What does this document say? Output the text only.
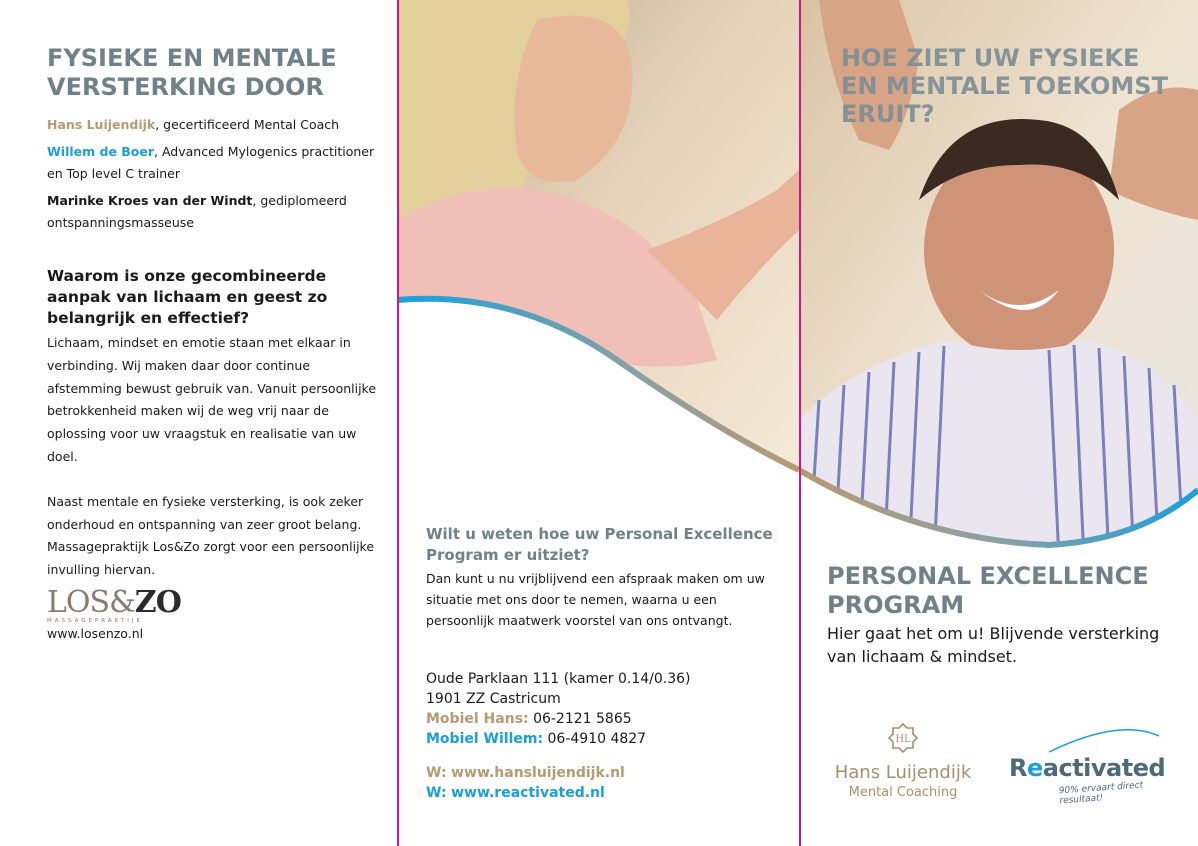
FYSIEKE EN MENTALE
VERSTERKING DOOR

Hans Luijendijk, gecertificeerd Mental Coach

Willem de Boer, Advanced Mylogenics practitioner en Top level C trainer

Marinke Kroes van der Windt, gediplomeerd ontspanningsmasseuse

Waarom is onze gecombineerde aanpak van lichaam en geest zo belangrijk en effectief?

Lichaam, mindset en emotie staan met elkaar in verbinding. Wij maken daar door continue afstemming bewust gebruik van. Vanuit persoonlijke betrokkenheid maken wij de weg vrij naar de oplossing voor uw vraagstuk en realisatie van uw doel.

Naast mentale en fysieke versterking, is ook zeker onderhoud en ontspanning van zeer groot belang. Massagepraktijk Los&Zo zorgt voor een persoonlijke invulling hiervan.

LOS&ZO
MASSAGEPRAKTIJK
www.losenzo.nl
Wilt u weten hoe uw Personal Excellence Program er uitziet?
Dan kunt u nu vrijblijvend een afspraak maken om uw situatie met ons door te nemen, waarna u een persoonlijk maatwerk voorstel van ons ontvangt.
Oude Parklaan 111 (kamer 0.14/0.36)
1901 ZZ Castricum
Mobiel Hans: 06-2121 5865
Mobiel Willem: 06-4910 4827
W: www.hansluijendijk.nl
W: www.reactivated.nl
HOE ZIET UW FYSIEKE EN MENTALE TOEKOMST ERUIT?
PERSONAL EXCELLENCE
PROGRAM
Hier gaat het om u! Blijvende versterking van lichaam & mindset.
HL
Hans Luijendijk
Mental Coaching
Reactivated
90% ervaart direct resultaat!
